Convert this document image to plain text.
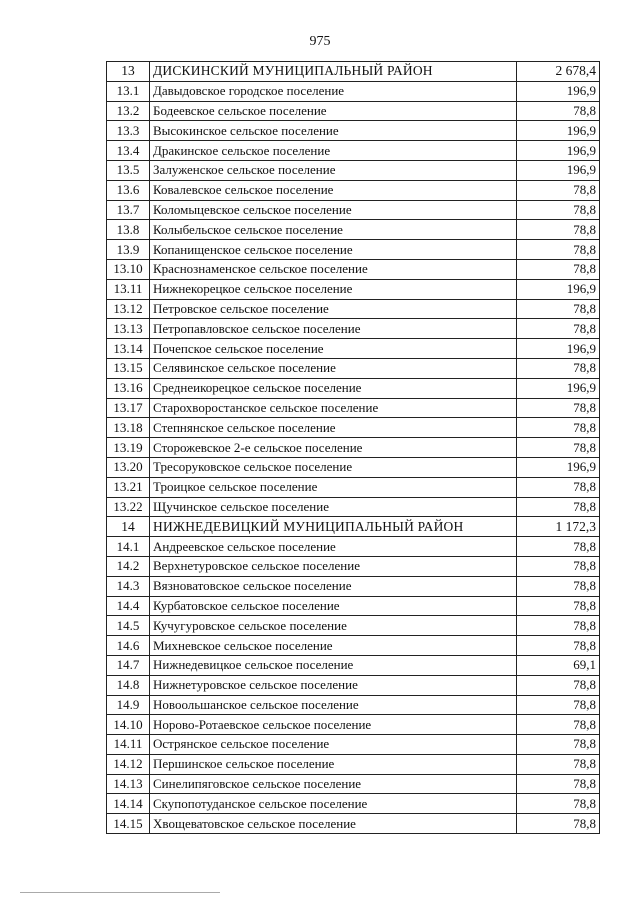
975
13	ДИСКИНСКИЙ МУНИЦИПАЛЬНЫЙ РАЙОН	2 678,4
13.1	Давыдовское городское поселение	196,9
13.2	Бодеевское сельское поселение	78,8
13.3	Высокинское сельское поселение	196,9
13.4	Дракинское сельское поселение	196,9
13.5	Залуженское сельское поселение	196,9
13.6	Ковалевское сельское поселение	78,8
13.7	Коломыцевское сельское поселение	78,8
13.8	Колыбельское сельское поселение	78,8
13.9	Копанищенское сельское поселение	78,8
13.10	Краснознаменское сельское поселение	78,8
13.11	Нижнекорецкое сельское поселение	196,9
13.12	Петровское сельское поселение	78,8
13.13	Петропавловское сельское поселение	78,8
13.14	Почепское сельское поселение	196,9
13.15	Селявинское сельское поселение	78,8
13.16	Среднеикорецкое сельское поселение	196,9
13.17	Старохворостанское сельское поселение	78,8
13.18	Степнянское сельское поселение	78,8
13.19	Сторожевское 2-е сельское поселение	78,8
13.20	Тресоруковское сельское поселение	196,9
13.21	Троицкое сельское поселение	78,8
13.22	Щучинское сельское поселение	78,8
14	НИЖНЕДЕВИЦКИЙ МУНИЦИПАЛЬНЫЙ РАЙОН	1 172,3
14.1	Андреевское сельское поселение	78,8
14.2	Верхнетуровское сельское поселение	78,8
14.3	Вязноватовское сельское поселение	78,8
14.4	Курбатовское сельское поселение	78,8
14.5	Кучугуровское сельское поселение	78,8
14.6	Михневское сельское поселение	78,8
14.7	Нижнедевицкое сельское поселение	69,1
14.8	Нижнетуровское сельское поселение	78,8
14.9	Новоольшанское сельское поселение	78,8
14.10	Норово-Ротаевское сельское поселение	78,8
14.11	Острянское сельское поселение	78,8
14.12	Першинское сельское поселение	78,8
14.13	Синелипяговское сельское поселение	78,8
14.14	Скупопотуданское сельское поселение	78,8
14.15	Хвощеватовское сельское поселение	78,8
